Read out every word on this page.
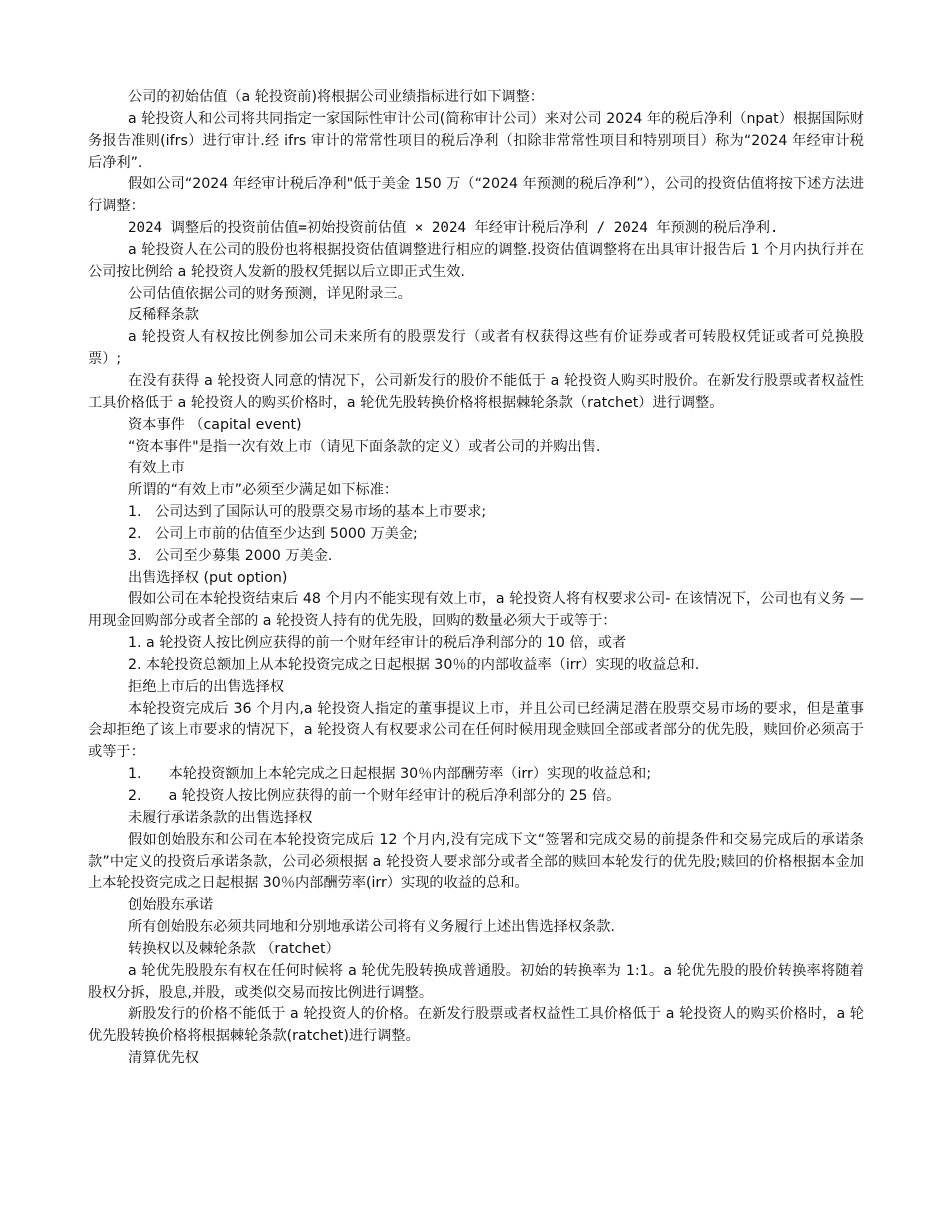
公司的初始估值（a 轮投资前)将根据公司业绩指标进行如下调整：

a 轮投资人和公司将共同指定一家国际性审计公司(简称审计公司）来对公司 2024 年的税后净利（npat）根据国际财务报告准则(ifrs）进行审计.经 ifrs 审计的常常性项目的税后净利（扣除非常常性项目和特别项目）称为“2024 年经审计税后净利”.

假如公司“2024 年经审计税后净利"低于美金 150 万（“2024 年预测的税后净利”），公司的投资估值将按下述方法进行调整：

2024 调整后的投资前估值=初始投资前估值 × 2024 年经审计税后净利 / 2024 年预测的税后净利.

a 轮投资人在公司的股份也将根据投资估值调整进行相应的调整.投资估值调整将在出具审计报告后 1 个月内执行并在公司按比例给 a 轮投资人发新的股权凭据以后立即正式生效.

公司估值依据公司的财务预测，详见附录三。

反稀释条款

a 轮投资人有权按比例参加公司未来所有的股票发行（或者有权获得这些有价证券或者可转股权凭证或者可兑换股票）;

在没有获得 a 轮投资人同意的情况下，公司新发行的股价不能低于 a 轮投资人购买时股价。在新发行股票或者权益性工具价格低于 a 轮投资人的购买价格时，a 轮优先股转换价格将根据棘轮条款（ratchet）进行调整。

资本事件 （capital event)

“资本事件"是指一次有效上市（请见下面条款的定义）或者公司的并购出售.

有效上市

所谓的“有效上市”必须至少满足如下标准：

1.   公司达到了国际认可的股票交易市场的基本上市要求;

2.   公司上市前的估值至少达到 5000 万美金;

3.   公司至少募集 2000 万美金.

出售选择权 (put option)

假如公司在本轮投资结束后 48 个月内不能实现有效上市，a 轮投资人将有权要求公司- 在该情况下，公司也有义务 — 用现金回购部分或者全部的 a 轮投资人持有的优先股，回购的数量必须大于或等于：

1. a 轮投资人按比例应获得的前一个财年经审计的税后净利部分的 10 倍，或者

2. 本轮投资总额加上从本轮投资完成之日起根据 30％的内部收益率（irr）实现的收益总和.

拒绝上市后的出售选择权

本轮投资完成后 36 个月内,a 轮投资人指定的董事提议上市，并且公司已经满足潜在股票交易市场的要求，但是董事会却拒绝了该上市要求的情况下，a 轮投资人有权要求公司在任何时候用现金赎回全部或者部分的优先股，赎回价必须高于或等于：

1.      本轮投资额加上本轮完成之日起根据 30％内部酬劳率（irr）实现的收益总和;

2.      a 轮投资人按比例应获得的前一个财年经审计的税后净利部分的 25 倍。

未履行承诺条款的出售选择权

假如创始股东和公司在本轮投资完成后 12 个月内,没有完成下文“签署和完成交易的前提条件和交易完成后的承诺条款”中定义的投资后承诺条款，公司必须根据 a 轮投资人要求部分或者全部的赎回本轮发行的优先股;赎回的价格根据本金加上本轮投资完成之日起根据 30％内部酬劳率(irr）实现的收益的总和。

创始股东承诺

所有创始股东必须共同地和分别地承诺公司将有义务履行上述出售选择权条款.

转换权以及棘轮条款 （ratchet）

a 轮优先股股东有权在任何时候将 a 轮优先股转换成普通股。初始的转换率为 1:1。a 轮优先股的股价转换率将随着股权分拆，股息,并股，或类似交易而按比例进行调整。

新股发行的价格不能低于 a 轮投资人的价格。在新发行股票或者权益性工具价格低于 a 轮投资人的购买价格时，a 轮优先股转换价格将根据棘轮条款(ratchet)进行调整。

清算优先权
